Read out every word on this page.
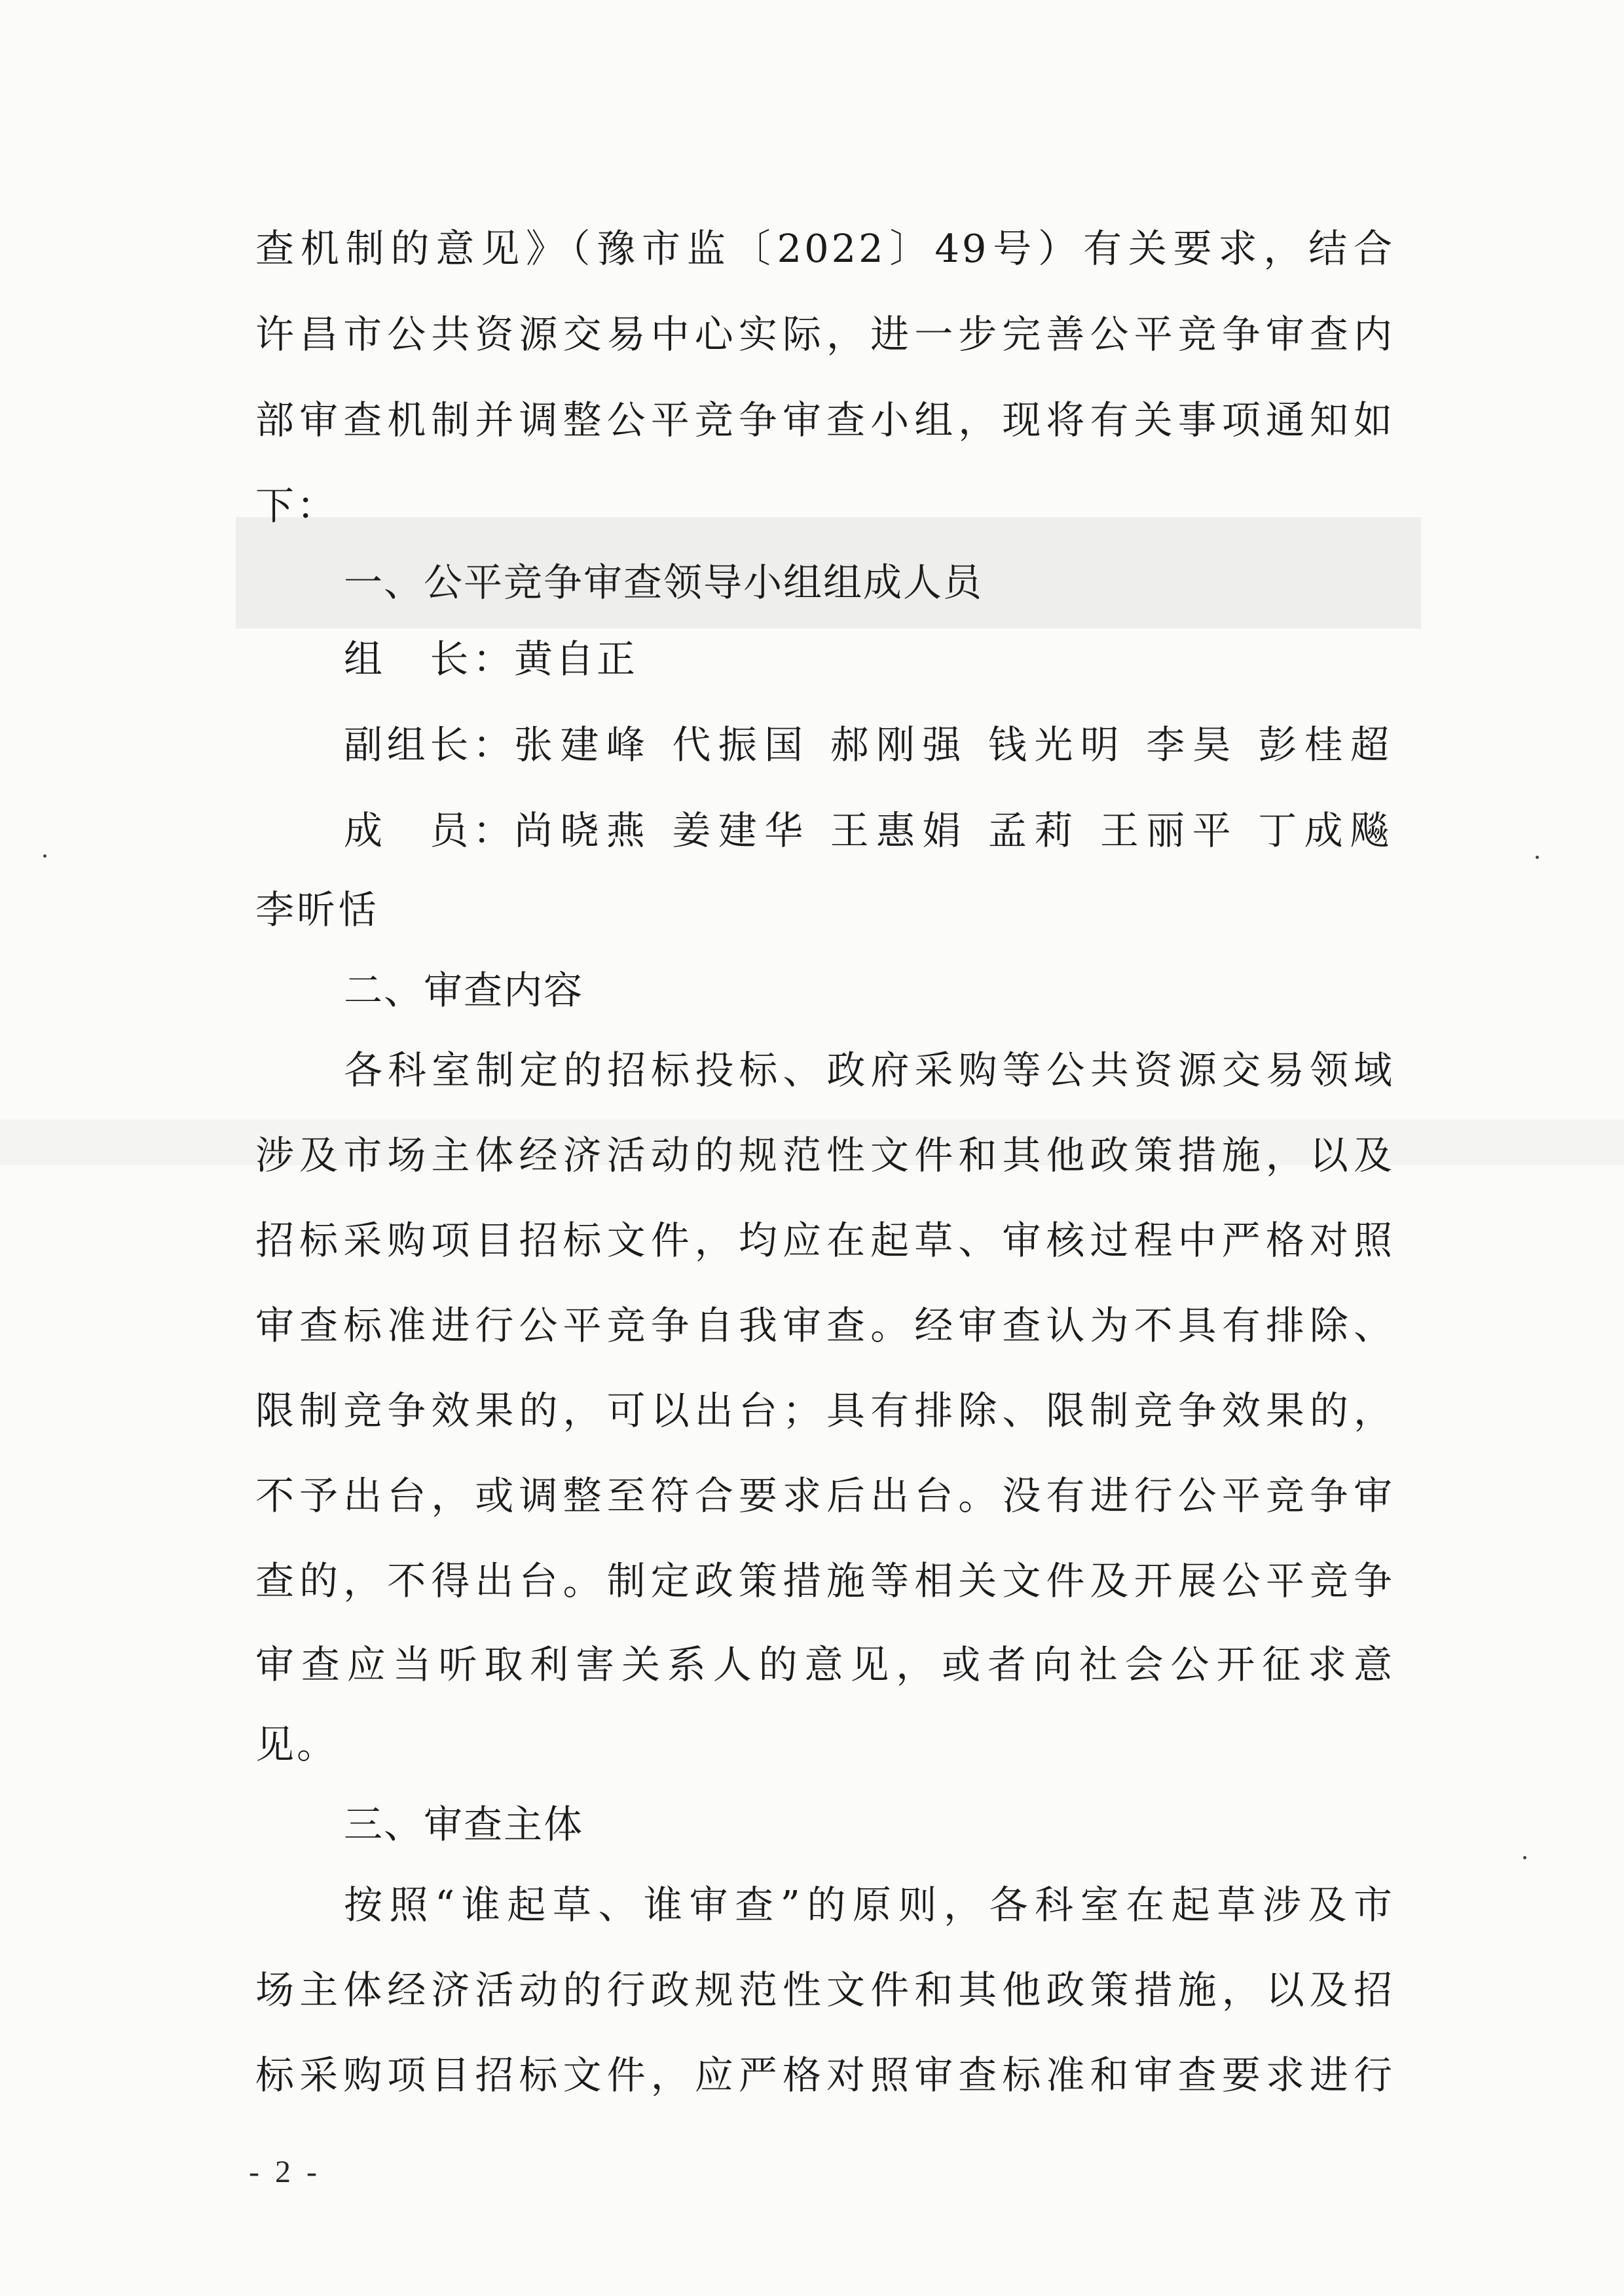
查机制的意见》（豫市监〔2022〕49号）有关要求，结合
许昌市公共资源交易中心实际，进一步完善公平竞争审查内
部审查机制并调整公平竞争审查小组，现将有关事项通知如
下：
一、公平竞争审查领导小组组成人员
组　长：黄自正
副组长：张建峰 代振国 郝刚强 钱光明 李昊 彭桂超
成　员：尚晓燕 姜建华 王惠娟 孟莉 王丽平 丁成飚
李昕恬
二、审查内容
各科室制定的招标投标、政府采购等公共资源交易领域
涉及市场主体经济活动的规范性文件和其他政策措施，以及
招标采购项目招标文件，均应在起草、审核过程中严格对照
审查标准进行公平竞争自我审查。经审查认为不具有排除、
限制竞争效果的，可以出台；具有排除、限制竞争效果的，
不予出台，或调整至符合要求后出台。没有进行公平竞争审
查的，不得出台。制定政策措施等相关文件及开展公平竞争
审查应当听取利害关系人的意见，或者向社会公开征求意
见。
三、审查主体
按照“谁起草、谁审查”的原则，各科室在起草涉及市
场主体经济活动的行政规范性文件和其他政策措施，以及招
标采购项目招标文件，应严格对照审查标准和审查要求进行
- 2 -
